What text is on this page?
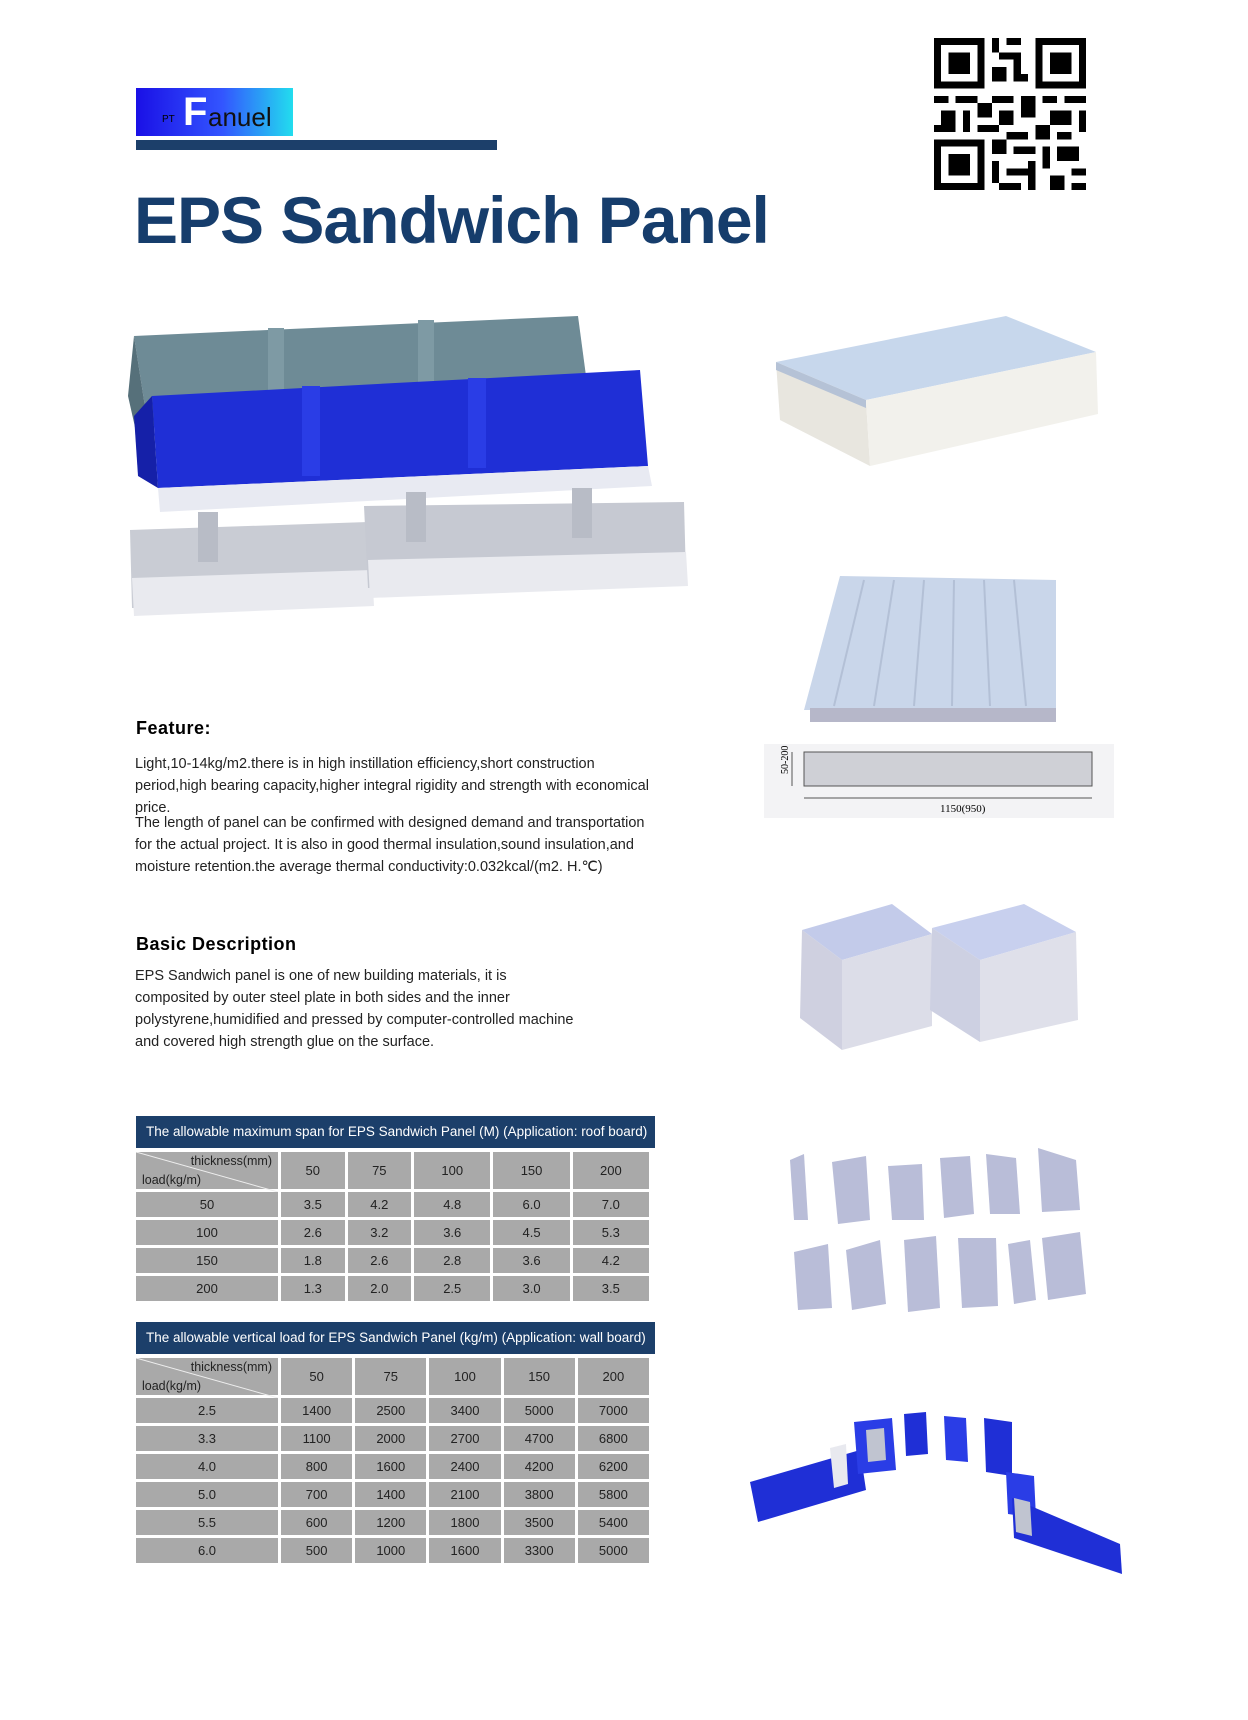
PT F anuel
EPS Sandwich Panel
50-200
1150(950)
Feature:

Light,10-14kg/m2.there is in high instillation efficiency,short construction period,high bearing capacity,higher integral rigidity and strength with economical price.

The length of panel can be confirmed with designed demand and transportation for the actual project. It is also in good thermal insulation,sound insulation,and moisture retention.the average thermal conductivity:0.032kcal/(m2. H.℃)

Basic Description

EPS Sandwich panel is one of new building materials, it is composited by outer steel plate in both sides and the inner polystyrene,humidified and pressed by computer-controlled machine and covered high strength glue on the surface.

The allowable maximum span for EPS Sandwich Panel (M) (Application: roof board)
thickness(mm)
load(kg/m)	50	75	100	150	200
50	3.5	4.2	4.8	6.0	7.0
100	2.6	3.2	3.6	4.5	5.3
150	1.8	2.6	2.8	3.6	4.2
200	1.3	2.0	2.5	3.0	3.5
The allowable vertical load for EPS Sandwich Panel (kg/m) (Application: wall board)
thickness(mm)
load(kg/m)	50	75	100	150	200
2.5	1400	2500	3400	5000	7000
3.3	1100	2000	2700	4700	6800
4.0	800	1600	2400	4200	6200
5.0	700	1400	2100	3800	5800
5.5	600	1200	1800	3500	5400
6.0	500	1000	1600	3300	5000
